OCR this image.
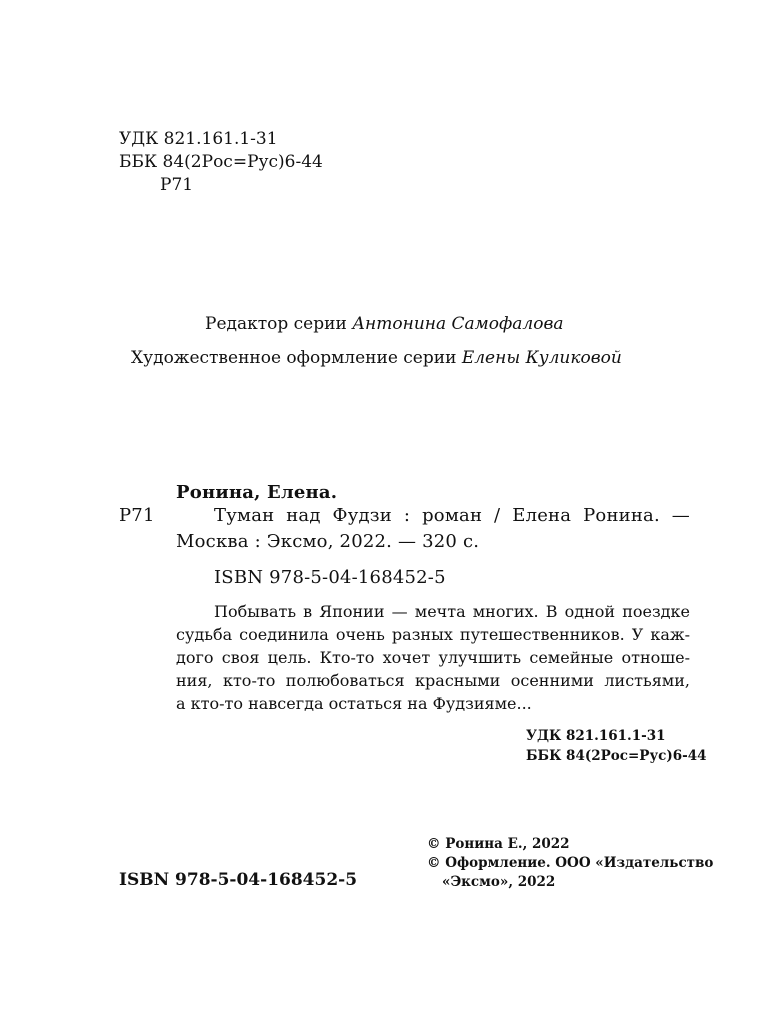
УДК 821.161.1-31
ББК 84(2Рос=Рус)6-44
Р71
Редактор серии Антонина Самофалова
Художественное оформление серии Елены Куликовой
Ронина, Елена.
Р71	Туман над Фудзи : роман / Елена Ронина. —
Москва : Эксмо, 2022. — 320 с.
ISBN 978-5-04-168452-5
Побывать в Японии — мечта многих. В одной поездке
судьба соединила очень разных путешественников. У каж-
дого своя цель. Кто-то хочет улучшить семейные отноше-
ния, кто-то полюбоваться красными осенними листьями,
а кто-то навсегда остаться на Фудзияме...
УДК 821.161.1-31
ББК 84(2Рос=Рус)6-44
ISBN 978-5-04-168452-5
© Ронина Е., 2022
© Оформление. ООО «Издательство
«Эксмо», 2022
